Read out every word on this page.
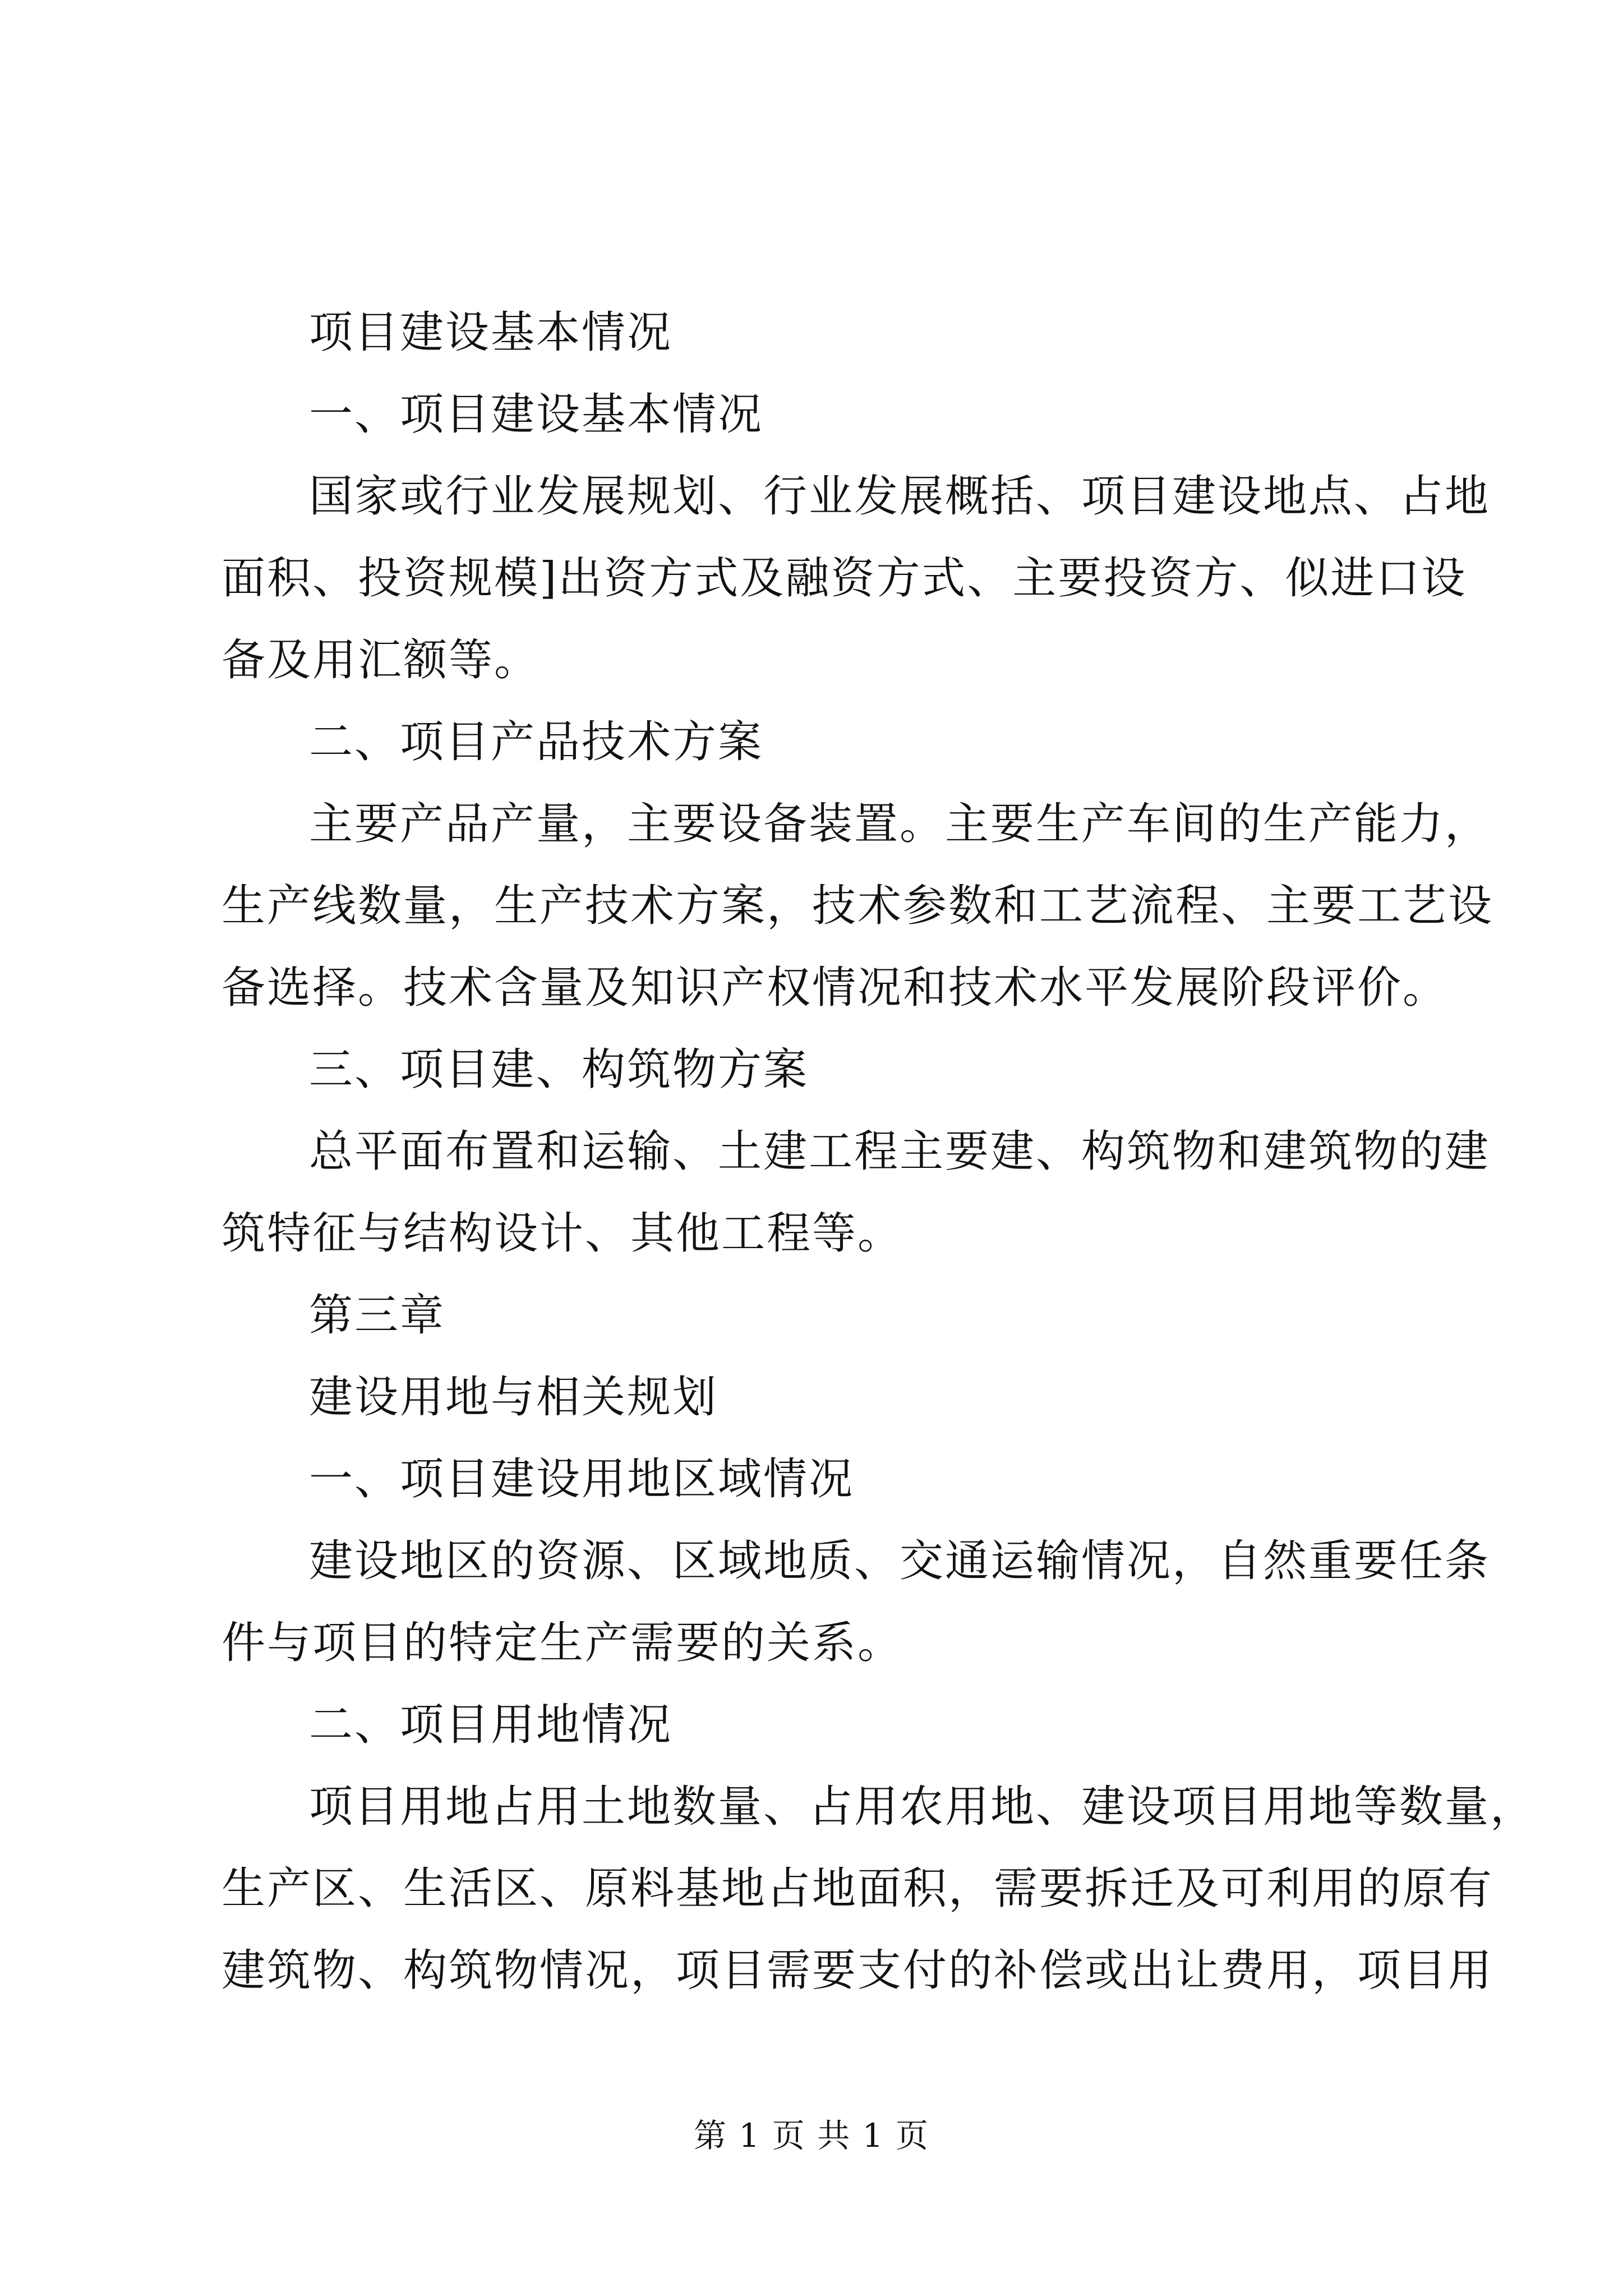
项目建设基本情况

一、项目建设基本情况

国家或行业发展规划、行业发展概括、项目建设地点、占地
面积、投资规模]出资方式及融资方式、主要投资方、似进口设
备及用汇额等。

二、项目产品技术方案

主要产品产量，主要设备装置。主要生产车间的生产能力，
生产线数量，生产技术方案，技术参数和工艺流程、主要工艺设
备选择。技术含量及知识产权情况和技术水平发展阶段评价。

三、项目建、构筑物方案

总平面布置和运输、土建工程主要建、构筑物和建筑物的建
筑特征与结构设计、其他工程等。

第三章

建设用地与相关规划

一、项目建设用地区域情况

建设地区的资源、区域地质、交通运输情况，自然重要任条
件与项目的特定生产需要的关系。

二、项目用地情况

项目用地占用土地数量、占用农用地、建设项目用地等数量，
生产区、生活区、原料基地占地面积，需要拆迁及可利用的原有
建筑物、构筑物情况，项目需要支付的补偿或出让费用，项目用

第 1 页 共 1 页
